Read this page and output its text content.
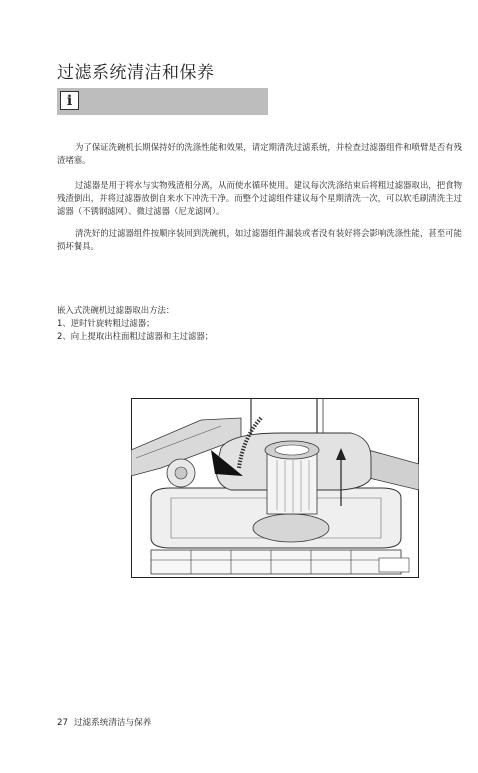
过滤系统清洁和保养
i

为了保证洗碗机长期保持好的洗涤性能和效果，请定期清洗过滤系统，并检查过滤器组件和喷臂是否有残渣堵塞。

过滤器是用于将水与实物残渣相分离，从而使水循环使用。建议每次洗涤结束后将粗过滤器取出，把食物残渣倒出，并将过滤器放倒自来水下冲洗干净。而整个过滤组件建议每个星期清洗一次，可以软毛刷清洗主过滤器（不锈钢滤网）、微过滤器（尼龙滤网）。

清洗好的过滤器组件按顺序装回到洗碗机，如过滤器组件漏装或者没有装好将会影响洗涤性能，甚至可能损坏餐具。

嵌入式洗碗机过滤器取出方法：
1、逆时针旋转粗过滤器；
2、向上提取出柱面粗过滤器和主过滤器；
27 过滤系统清洁与保养
